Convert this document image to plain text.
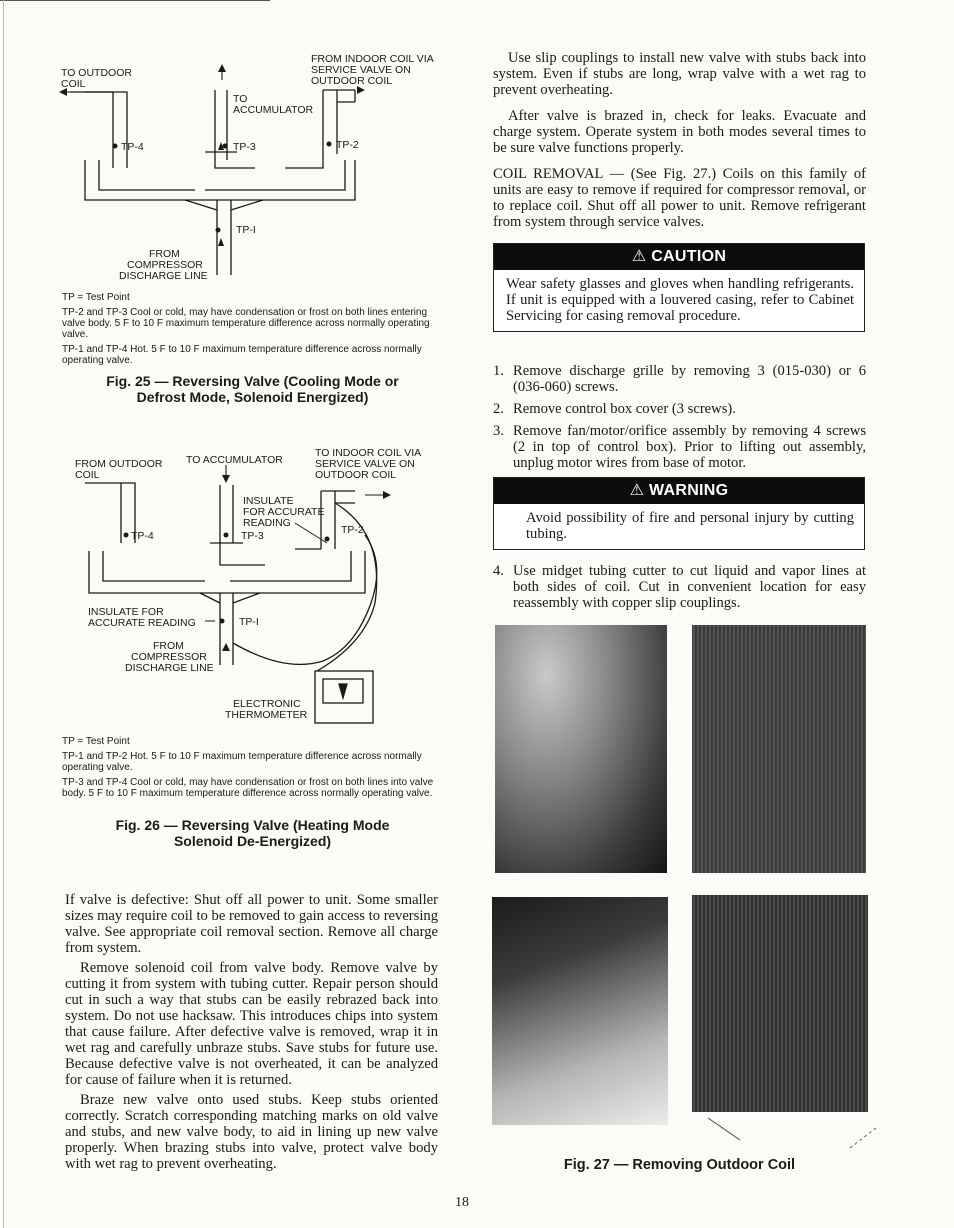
TO OUTDOOR
COIL
FROM INDOOR COIL VIA
SERVICE VALVE ON
OUTDOOR COIL
TO
ACCUMULATOR
TP-4	TP-3	TP-2
TP-I
FROM
COMPRESSOR
DISCHARGE LINE

TP = Test Point

TP-2 and TP-3 Cool or cold, may have condensation or frost on both lines entering valve body. 5 F to 10 F maximum temperature difference across normally operating valve.

TP-1 and TP-4 Hot. 5 F to 10 F maximum temperature difference across normally operating valve.

Fig. 25 — Reversing Valve (Cooling Mode or
Defrost Mode, Solenoid Energized)
FROM OUTDOOR
COIL
TO ACCUMULATOR
TO INDOOR COIL VIA
SERVICE VALVE ON
OUTDOOR COIL
INSULATE
FOR ACCURATE
READING
TP-4	TP-3	TP-2
TP-I
INSULATE FOR
ACCURATE READING
FROM
COMPRESSOR
DISCHARGE LINE
ELECTRONIC
THERMOMETER

TP = Test Point

TP-1 and TP-2 Hot. 5 F to 10 F maximum temperature difference across normally operating valve.

TP-3 and TP-4 Cool or cold, may have condensation or frost on both lines into valve body. 5 F to 10 F maximum temperature difference across normally operating valve.

Fig. 26 — Reversing Valve (Heating Mode
Solenoid De-Energized)

If valve is defective: Shut off all power to unit. Some smaller sizes may require coil to be removed to gain access to reversing valve. See appropriate coil removal section. Remove all charge from system.

Remove solenoid coil from valve body. Remove valve by cutting it from system with tubing cutter. Repair person should cut in such a way that stubs can be easily rebrazed back into system. Do not use hacksaw. This introduces chips into system that cause failure. After defective valve is removed, wrap it in wet rag and carefully unbraze stubs. Save stubs for future use. Because defective valve is not overheated, it can be analyzed for cause of failure when it is returned.

Braze new valve onto used stubs. Keep stubs oriented correctly. Scratch corresponding matching marks on old valve and stubs, and new valve body, to aid in lining up new valve properly. When brazing stubs into valve, protect valve body with wet rag to prevent overheating.

Use slip couplings to install new valve with stubs back into system. Even if stubs are long, wrap valve with a wet rag to prevent overheating.

After valve is brazed in, check for leaks. Evacuate and charge system. Operate system in both modes several times to be sure valve functions properly.

COIL REMOVAL — (See Fig. 27.) Coils on this family of units are easy to remove if required for compressor removal, or to replace coil. Shut off all power to unit. Remove refrigerant from system through service valves.

⚠ CAUTION
Wear safety glasses and gloves when handling refrigerants. If unit is equipped with a louvered casing, refer to Cabinet Servicing for casing removal procedure.
1. Remove discharge grille by removing 3 (015-030) or 6 (036-060) screws.
2. Remove control box cover (3 screws).
3. Remove fan/motor/orifice assembly by removing 4 screws (2 in top of control box). Prior to lifting out assembly, unplug motor wires from base of motor.
⚠ WARNING
Avoid possibility of fire and personal injury by cutting tubing.
4. Use midget tubing cutter to cut liquid and vapor lines at both sides of coil. Cut in convenient location for easy reassembly with copper slip couplings.
Fig. 27 — Removing Outdoor Coil
18
